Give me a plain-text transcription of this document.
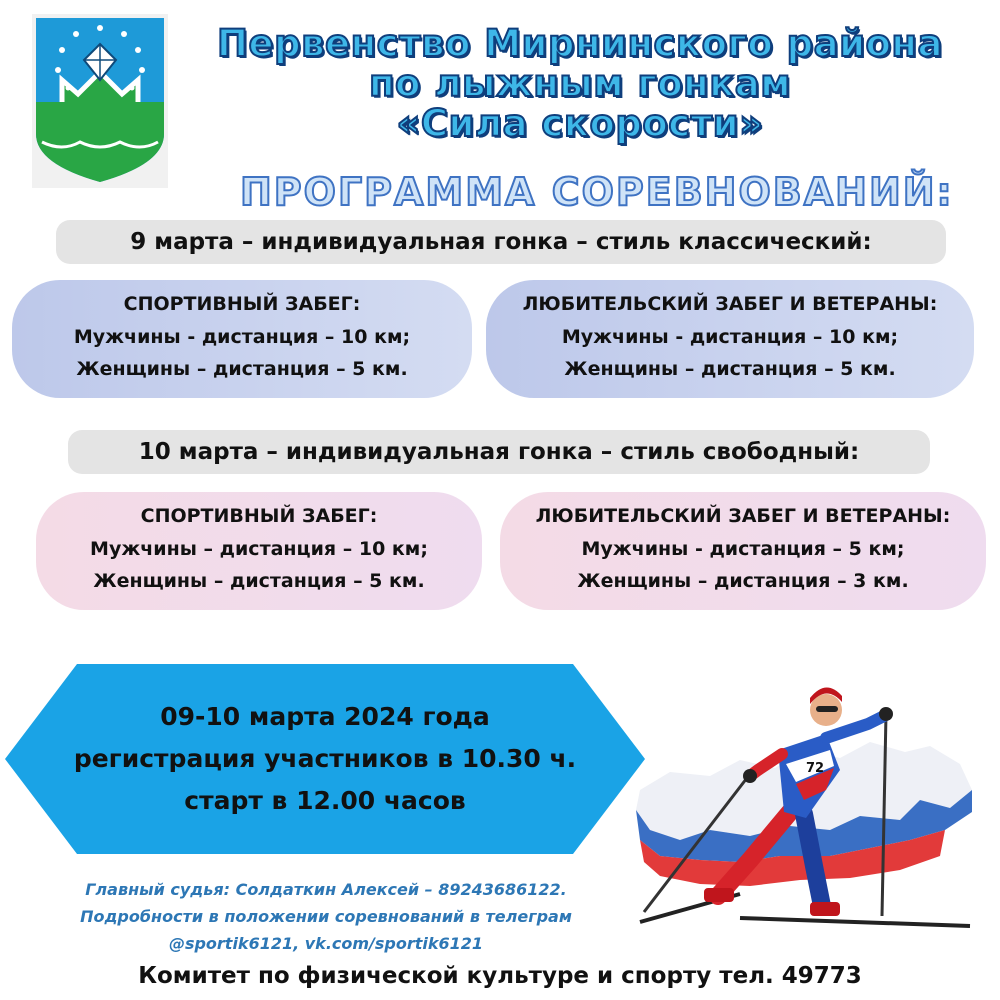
Первенство Мирнинского района
по лыжным гонкам
«Сила скорости»
ПРОГРАММА СОРЕВНОВАНИЙ:
9 марта – индивидуальная гонка – стиль классический:
СПОРТИВНЫЙ ЗАБЕГ:
Мужчины - дистанция – 10 км;
Женщины – дистанция – 5 км.
ЛЮБИТЕЛЬСКИЙ ЗАБЕГ И ВЕТЕРАНЫ:
Мужчины - дистанция – 10 км;
Женщины – дистанция – 5 км.
10 марта – индивидуальная гонка – стиль свободный:
СПОРТИВНЫЙ ЗАБЕГ:
Мужчины – дистанция – 10 км;
Женщины – дистанция – 5 км.
ЛЮБИТЕЛЬСКИЙ ЗАБЕГ И ВЕТЕРАНЫ:
Мужчины - дистанция – 5 км;
Женщины – дистанция – 3 км.
09-10 марта 2024 года
регистрация участников в 10.30 ч.
старт в 12.00 часов
72
Главный судья: Солдаткин Алексей – 89243686122.
Подробности в положении соревнований в телеграм
@sportik6121, vk.com/sportik6121
Комитет по физической культуре и спорту тел. 49773
